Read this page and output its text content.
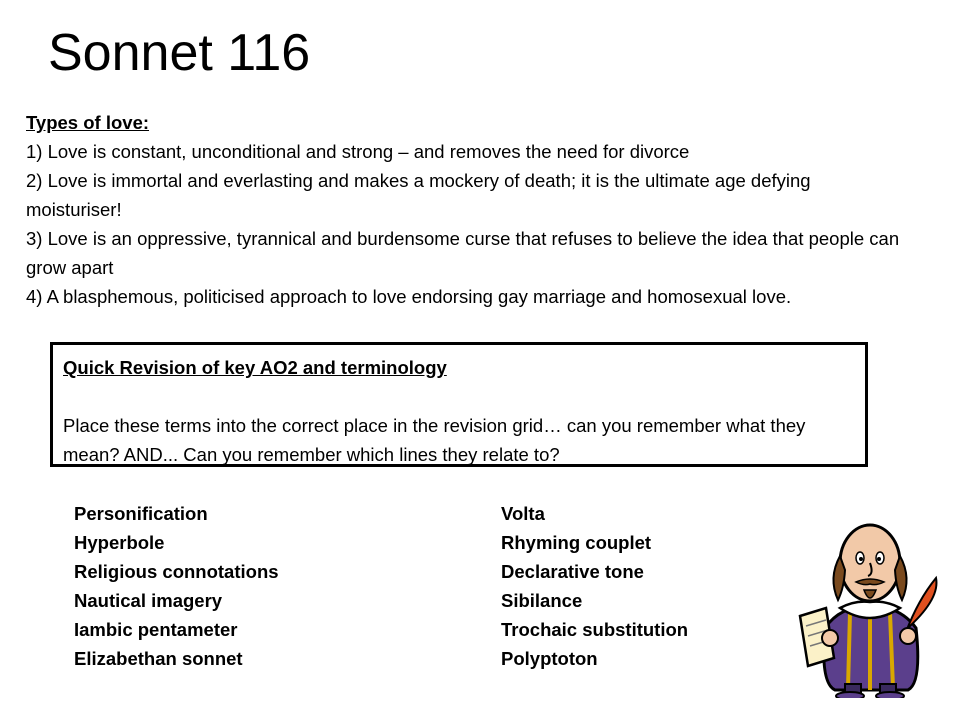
Sonnet 116

Types of love:

1) Love is constant, unconditional and strong – and removes the need for divorce

2) Love is immortal and everlasting and makes a mockery of death; it is the ultimate age defying moisturiser!

3) Love is an oppressive, tyrannical and burdensome curse that refuses to believe the idea that people can grow apart

4) A blasphemous, politicised approach to love endorsing gay marriage and homosexual love.

Quick Revision of key AO2 and terminology

Place these terms into the correct place in the revision grid… can you remember what they mean? AND... Can you remember which lines they relate to?

Personification
Hyperbole
Religious connotations
Nautical imagery
Iambic pentameter
Elizabethan sonnet
Volta
Rhyming couplet
Declarative tone
Sibilance
Trochaic substitution
Polyptoton
